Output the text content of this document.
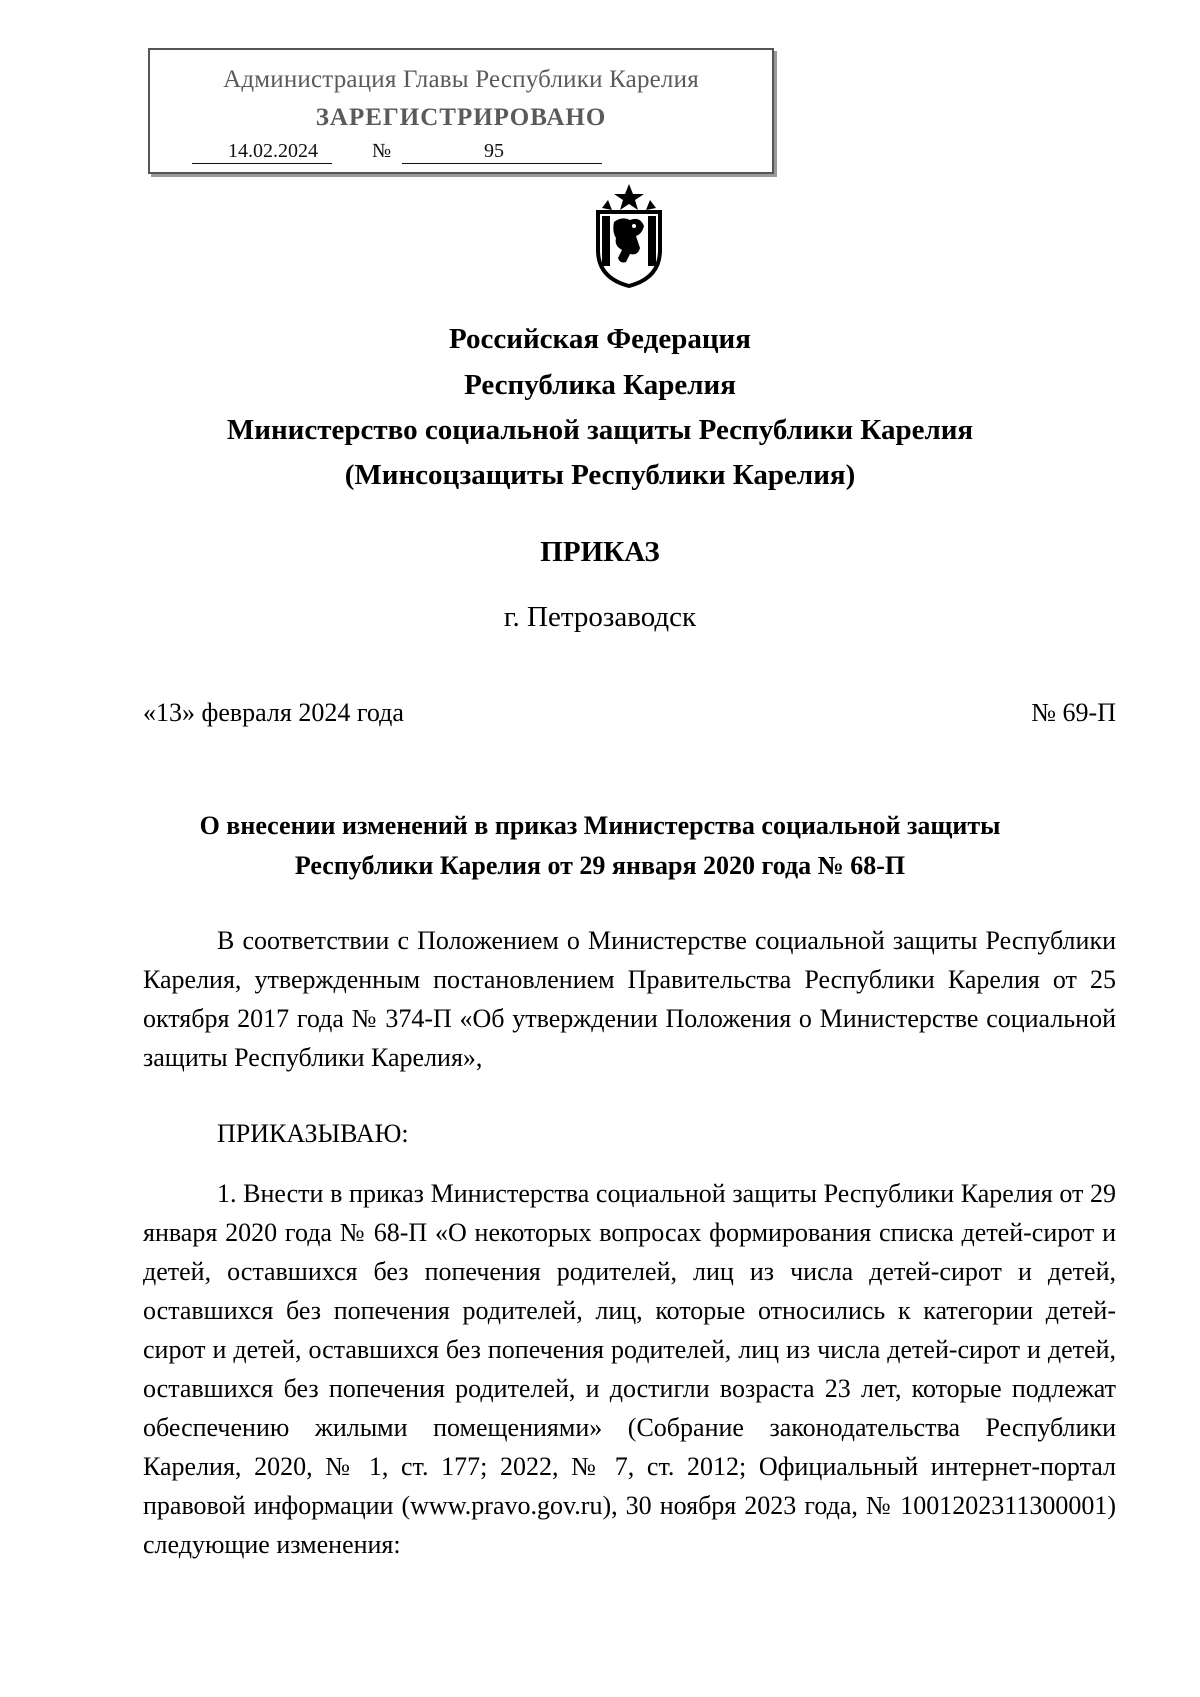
Администрация Главы Республики Карелия
ЗАРЕГИСТРИРОВАНО
14.02.2024	№	95
Российская Федерация
Республика Карелия
Министерство социальной защиты Республики Карелия
(Минсоцзащиты Республики Карелия)
ПРИКАЗ
г. Петрозаводск
«13» февраля 2024 года	№ 69-П
О внесении изменений в приказ Министерства социальной защиты
Республики Карелия от 29 января 2020 года № 68-П
В соответствии с Положением о Министерстве социальной защиты Республики Карелия, утвержденным постановлением Правительства Республики Карелия от 25 октября 2017 года № 374-П «Об утверждении Положения о Министерстве социальной защиты Республики Карелия»,
ПРИКАЗЫВАЮ:
1. Внести в приказ Министерства социальной защиты Республики Карелия от 29 января 2020 года № 68-П «О некоторых вопросах формирования списка детей-сирот и детей, оставшихся без попечения родителей, лиц из числа детей-сирот и детей, оставшихся без попечения родителей, лиц, которые относились к категории детей-сирот и детей, оставшихся без попечения родителей, лиц из числа детей-сирот и детей, оставшихся без попечения родителей, и достигли возраста 23 лет, которые подлежат обеспечению жилыми помещениями» (Собрание законодательства Республики Карелия, 2020, № 1, ст. 177; 2022, № 7, ст. 2012; Официальный интернет-портал правовой информации (www.pravo.gov.ru), 30 ноября 2023 года, № 1001202311300001) следующие изменения:
